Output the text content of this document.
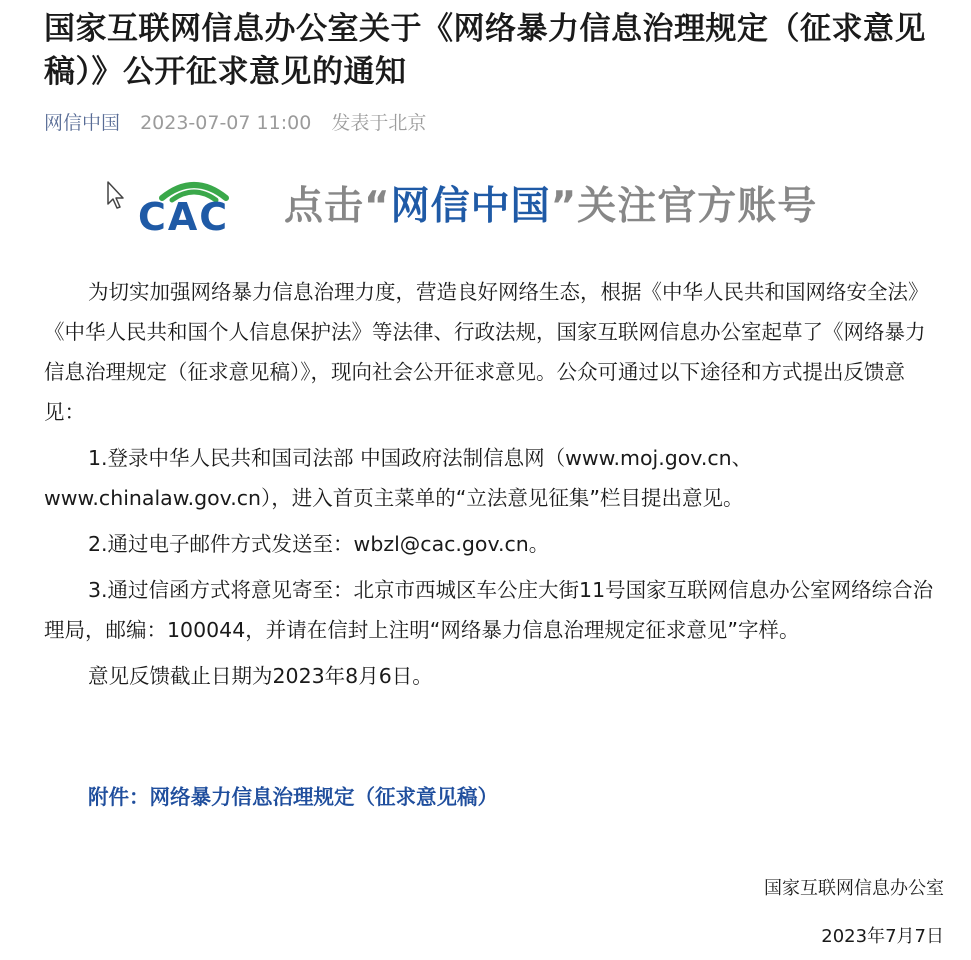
国家互联网信息办公室关于《网络暴力信息治理规定（征求意见稿）》公开征求意见的通知
网信中国 2023-07-07 11:00 发表于北京
CAC 点击“网信中国”关注官方账号

为切实加强网络暴力信息治理力度，营造良好网络生态，根据《中华人民共和国网络安全法》《中华人民共和国个人信息保护法》等法律、行政法规，国家互联网信息办公室起草了《网络暴力信息治理规定（征求意见稿）》，现向社会公开征求意见。公众可通过以下途径和方式提出反馈意见：

1.登录中华人民共和国司法部 中国政府法制信息网（www.moj.gov.cn、www.chinalaw.gov.cn），进入首页主菜单的“立法意见征集”栏目提出意见。

2.通过电子邮件方式发送至：wbzl@cac.gov.cn。

3.通过信函方式将意见寄至：北京市西城区车公庄大街11号国家互联网信息办公室网络综合治理局，邮编：100044，并请在信封上注明“网络暴力信息治理规定征求意见”字样。

意见反馈截止日期为2023年8月6日。

附件：网络暴力信息治理规定（征求意见稿）
国家互联网信息办公室
2023年7月7日
